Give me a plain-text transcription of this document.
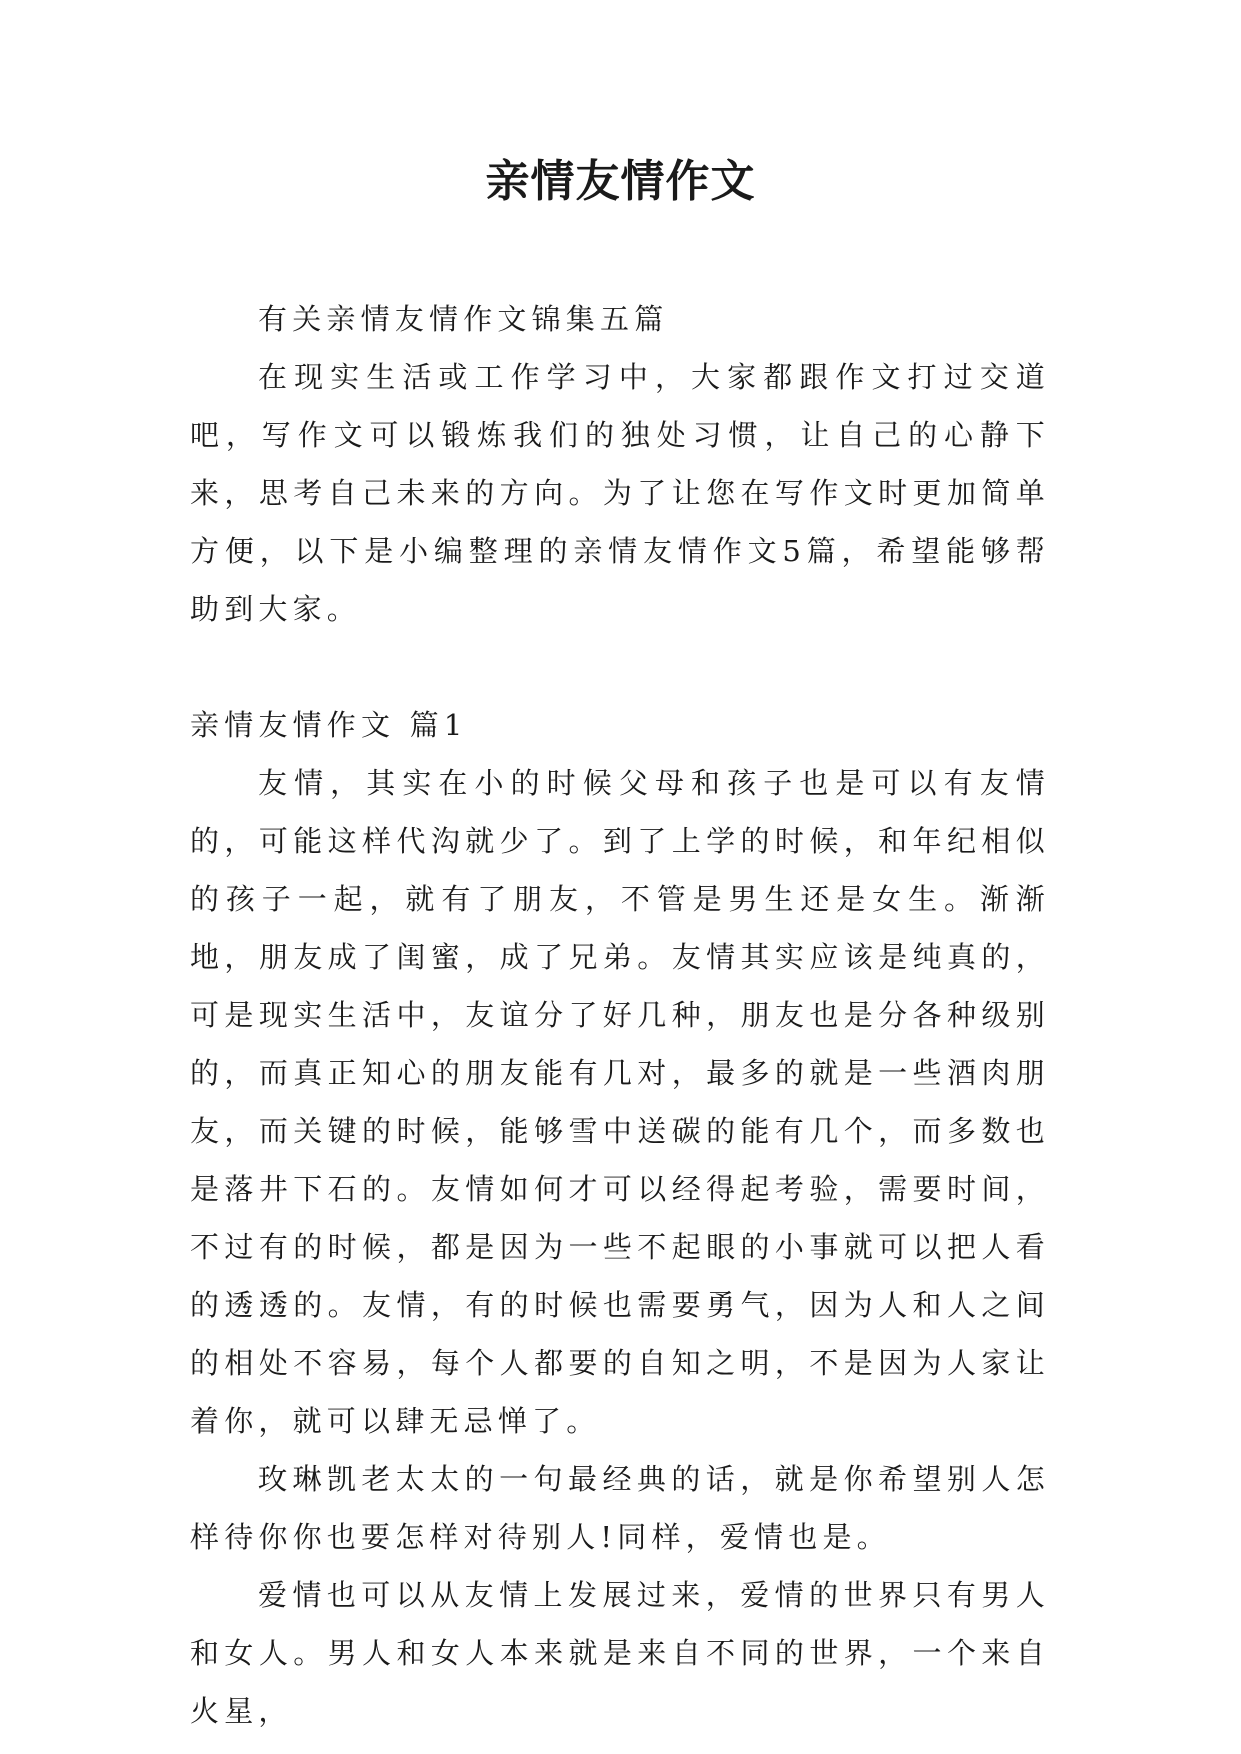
亲情友情作文

有关亲情友情作文锦集五篇

在现实生活或工作学习中，大家都跟作文打过交道吧，写作文可以锻炼我们的独处习惯，让自己的心静下来，思考自己未来的方向。为了让您在写作文时更加简单方便，以下是小编整理的亲情友情作文5篇，希望能够帮助到大家。

亲情友情作文 篇1

友情，其实在小的时候父母和孩子也是可以有友情的，可能这样代沟就少了。到了上学的时候，和年纪相似的孩子一起，就有了朋友，不管是男生还是女生。渐渐地，朋友成了闺蜜，成了兄弟。友情其实应该是纯真的，可是现实生活中，友谊分了好几种，朋友也是分各种级别的，而真正知心的朋友能有几对，最多的就是一些酒肉朋友，而关键的时候，能够雪中送碳的能有几个，而多数也是落井下石的。友情如何才可以经得起考验，需要时间，不过有的时候，都是因为一些不起眼的小事就可以把人看的透透的。友情，有的时候也需要勇气，因为人和人之间的相处不容易，每个人都要的自知之明，不是因为人家让着你，就可以肆无忌惮了。

玫琳凯老太太的一句最经典的话，就是你希望别人怎样待你你也要怎样对待别人!同样，爱情也是。

爱情也可以从友情上发展过来，爱情的世界只有男人和女人。男人和女人本来就是来自不同的世界，一个来自火星，
